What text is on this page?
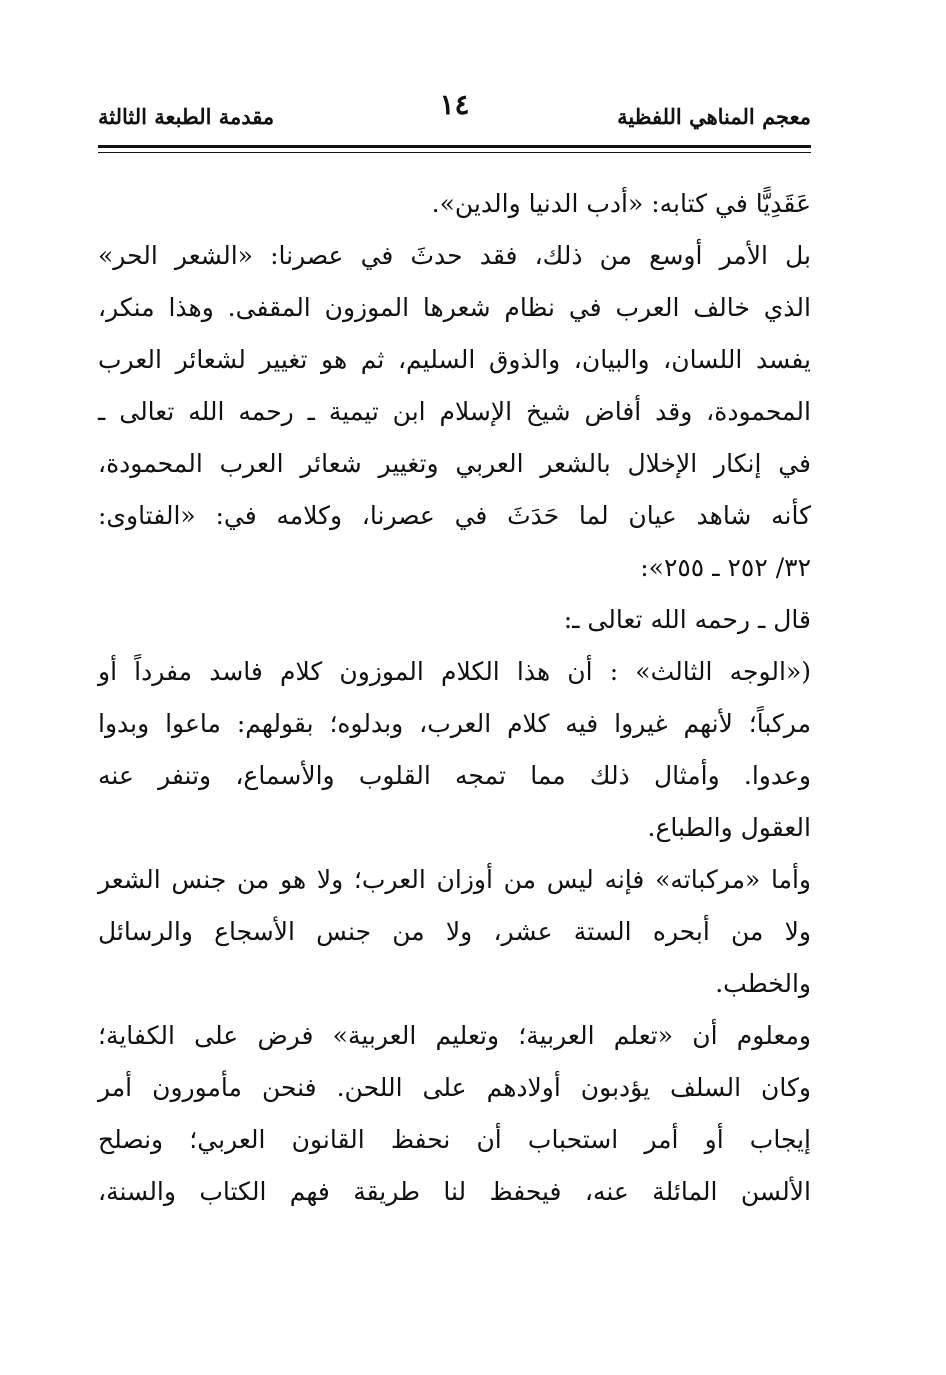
معجم المناهي اللفظية
١٤
مقدمة الطبعة الثالثة
عَقَدِيًّا في كتابه: «أدب الدنيا والدين».
بل الأمر أوسع من ذلك، فقد حدثَ في عصرنا: «الشعر الحر»
الذي خالف العرب في نظام شعرها الموزون المقفى. وهذا منكر،
يفسد اللسان، والبيان، والذوق السليم، ثم هو تغيير لشعائر العرب
المحمودة، وقد أفاض شيخ الإسلام ابن تيمية ـ رحمه الله تعالى ـ
في إنكار الإخلال بالشعر العربي وتغيير شعائر العرب المحمودة،
كأنه شاهد عيان لما حَدَثَ في عصرنا، وكلامه في: «الفتاوى:
٣٢/ ٢٥٢ ـ ٢٥٥»:
قال ـ رحمه الله تعالى ـ:
(«الوجه الثالث» : أن هذا الكلام الموزون كلام فاسد مفرداً أو
مركباً؛ لأنهم غيروا فيه كلام العرب، وبدلوه؛ بقولهم: ماعوا وبدوا
وعدوا. وأمثال ذلك مما تمجه القلوب والأسماع، وتنفر عنه
العقول والطباع.
وأما «مركباته» فإنه ليس من أوزان العرب؛ ولا هو من جنس الشعر
ولا من أبحره الستة عشر، ولا من جنس الأسجاع والرسائل
والخطب.
ومعلوم أن «تعلم العربية؛ وتعليم العربية» فرض على الكفاية؛
وكان السلف يؤدبون أولادهم على اللحن. فنحن مأمورون أمر
إيجاب أو أمر استحباب أن نحفظ القانون العربي؛ ونصلح
الألسن المائلة عنه، فيحفظ لنا طريقة فهم الكتاب والسنة،
